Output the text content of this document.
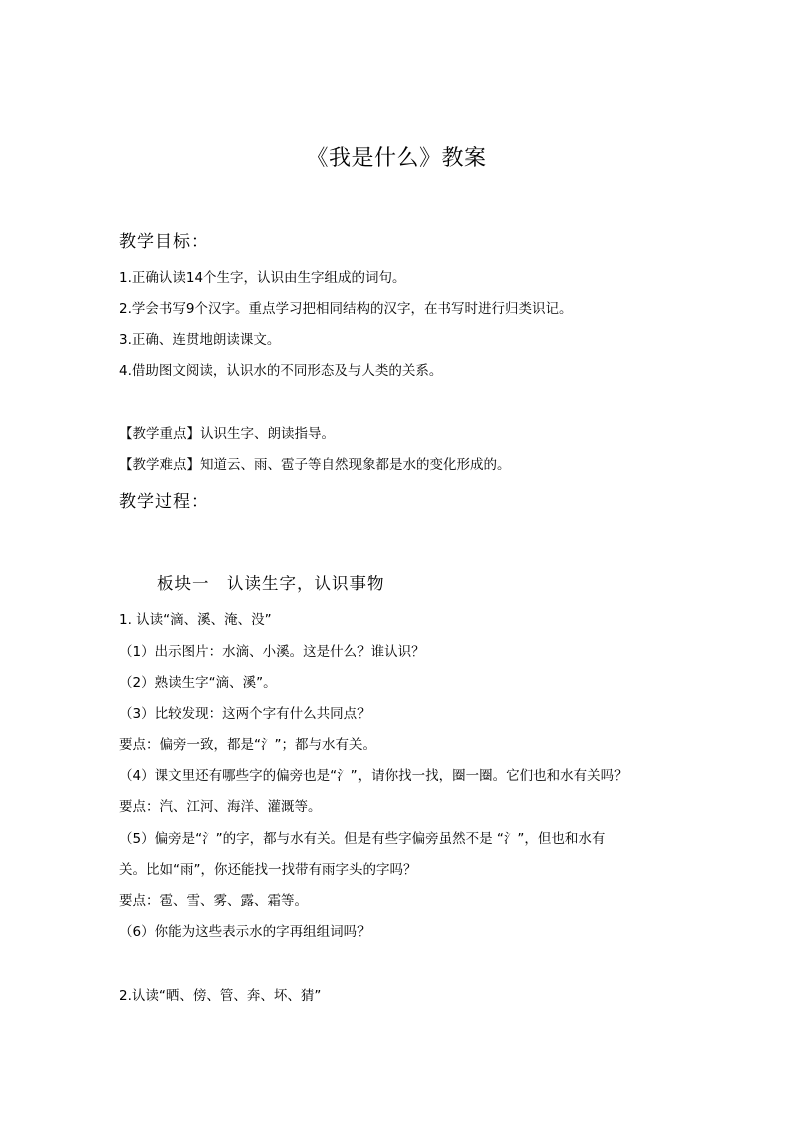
《我是什么》教案
教学目标：
1.正确认读14个生字，认识由生字组成的词句。
2.学会书写9个汉字。重点学习把相同结构的汉字，在书写时进行归类识记。
3.正确、连贯地朗读课文。
4.借助图文阅读，认识水的不同形态及与人类的关系。
【教学重点】认识生字、朗读指导。
【教学难点】知道云、雨、雹子等自然现象都是水的变化形成的。
教学过程：
板块一　认读生字，认识事物
1. 认读“滴、溪、淹、没”
（1）出示图片：水滴、小溪。这是什么？谁认识？
（2）熟读生字“滴、溪”。
（3）比较发现：这两个字有什么共同点？
要点：偏旁一致，都是“氵”；都与水有关。
（4）课文里还有哪些字的偏旁也是“氵”，请你找一找，圈一圈。它们也和水有关吗？
要点：汽、江河、海洋、灌溉等。
（5）偏旁是“氵”的字，都与水有关。但是有些字偏旁虽然不是 “氵”，但也和水有
关。比如“雨”，你还能找一找带有雨字头的字吗？
要点：雹、雪、雾、露、霜等。
（6）你能为这些表示水的字再组组词吗？
2.认读“晒、傍、管、奔、坏、猜”
